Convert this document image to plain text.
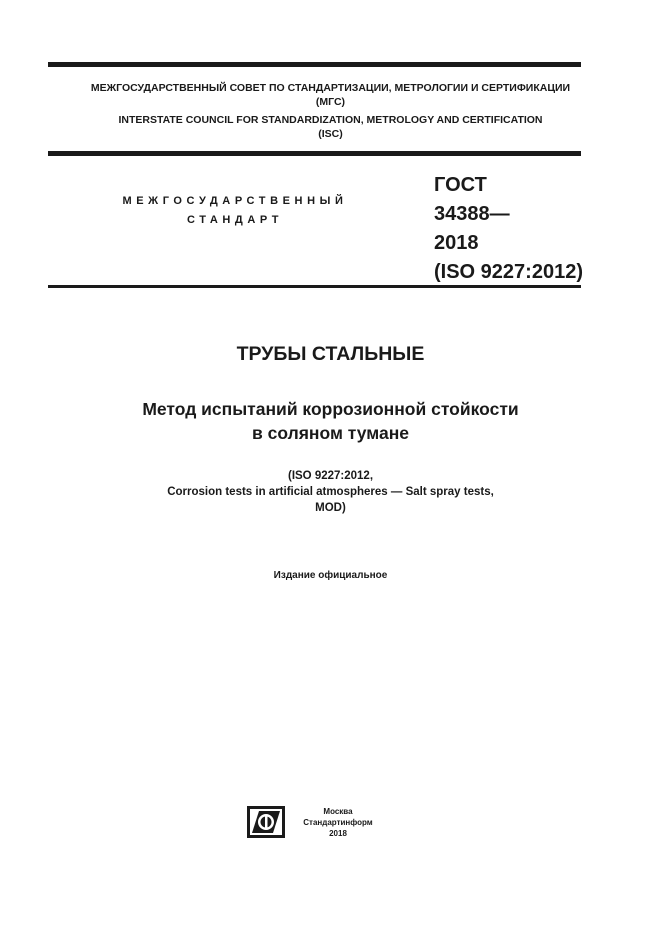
МЕЖГОСУДАРСТВЕННЫЙ СОВЕТ ПО СТАНДАРТИЗАЦИИ, МЕТРОЛОГИИ И СЕРТИФИКАЦИИ
(МГС)
INTERSTATE COUNCIL FOR STANDARDIZATION, METROLOGY AND CERTIFICATION
(ISC)
МЕЖГОСУДАРСТВЕННЫЙ
СТАНДАРТ
ГОСТ
34388—
2018
(ISO 9227:2012)
ТРУБЫ СТАЛЬНЫЕ
Метод испытаний коррозионной стойкости
в соляном тумане
(ISO 9227:2012,
Corrosion tests in artificial atmospheres — Salt spray tests,
MOD)
Издание официальное
Москва
Стандартинформ
2018
